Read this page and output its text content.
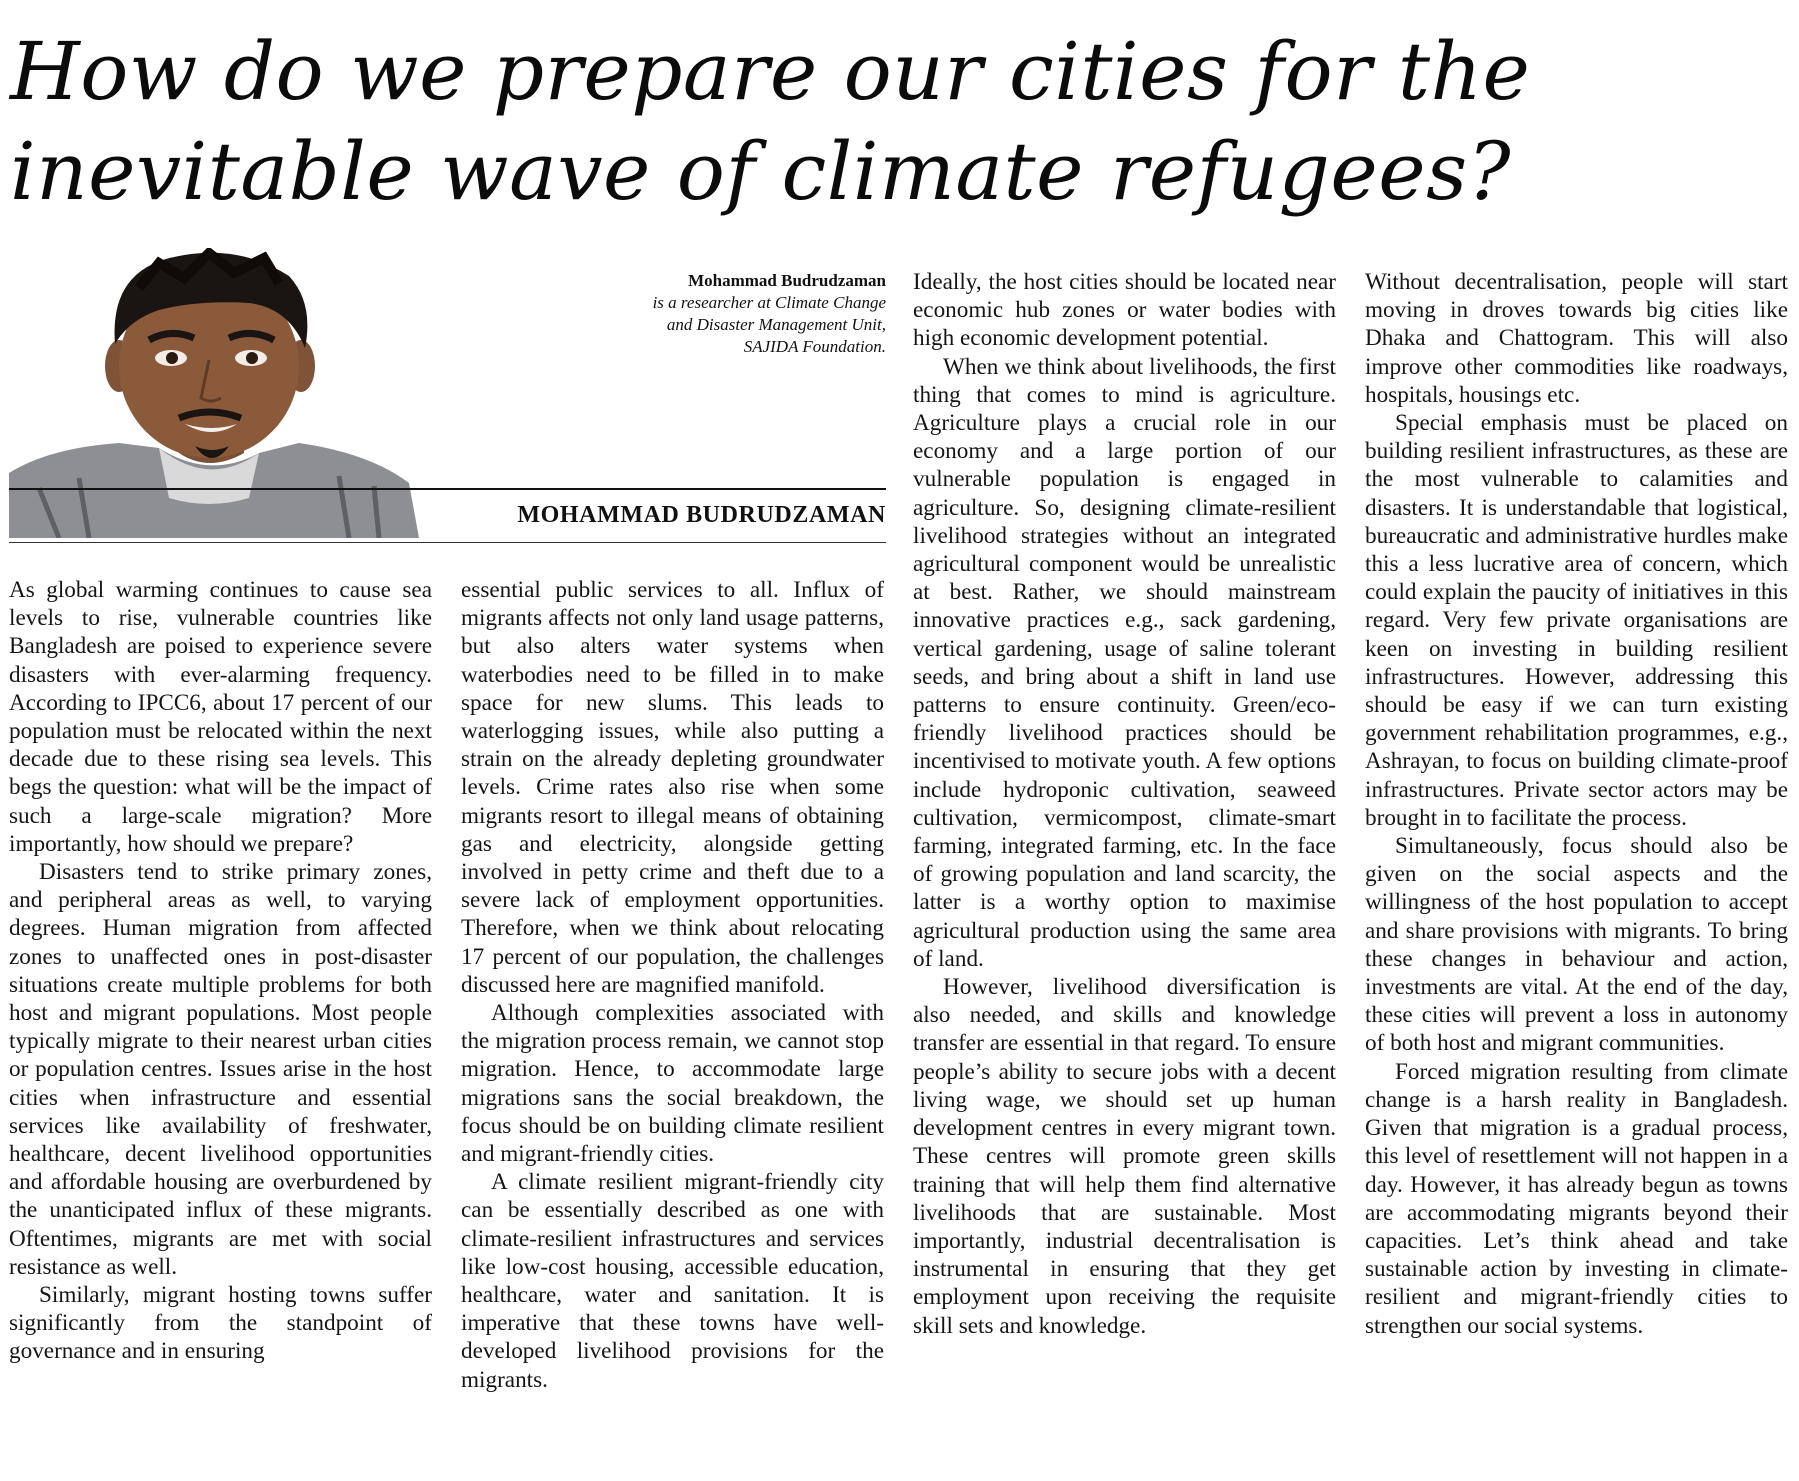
How do we prepare our cities for the inevitable wave of climate refugees?
Mohammad Budrudzaman
is a researcher at Climate Change
and Disaster Management Unit,
SAJIDA Foundation.
MOHAMMAD BUDRUDZAMAN

As global warming continues to cause sea levels to rise, vulnerable countries like Bangladesh are poised to experience severe disasters with ever-alarming frequency. According to IPCC6, about 17 percent of our population must be relocated within the next decade due to these rising sea levels. This begs the question: what will be the impact of such a large-scale migration? More importantly, how should we prepare?

Disasters tend to strike primary zones, and peripheral areas as well, to varying degrees. Human migration from affected zones to unaffected ones in post-disaster situations create multiple problems for both host and migrant populations. Most people typically migrate to their nearest urban cities or population centres. Issues arise in the host cities when infrastructure and essential services like availability of freshwater, healthcare, decent livelihood opportunities and affordable housing are overburdened by the unanticipated influx of these migrants. Oftentimes, migrants are met with social resistance as well.

Similarly, migrant hosting towns suffer significantly from the standpoint of governance and in ensuring

essential public services to all. Influx of migrants affects not only land usage patterns, but also alters water systems when waterbodies need to be filled in to make space for new slums. This leads to waterlogging issues, while also putting a strain on the already depleting groundwater levels. Crime rates also rise when some migrants resort to illegal means of obtaining gas and electricity, alongside getting involved in petty crime and theft due to a severe lack of employment opportunities. Therefore, when we think about relocating 17 percent of our population, the challenges discussed here are magnified manifold.

Although complexities associated with the migration process remain, we cannot stop migration. Hence, to accommodate large migrations sans the social breakdown, the focus should be on building climate resilient and migrant-friendly cities.

A climate resilient migrant-friendly city can be essentially described as one with climate-resilient infrastructures and services like low-cost housing, accessible education, healthcare, water and sanitation. It is imperative that these towns have well-developed livelihood provisions for the migrants.

Ideally, the host cities should be located near economic hub zones or water bodies with high economic development potential.

When we think about livelihoods, the first thing that comes to mind is agriculture. Agriculture plays a crucial role in our economy and a large portion of our vulnerable population is engaged in agriculture. So, designing climate-resilient livelihood strategies without an integrated agricultural component would be unrealistic at best. Rather, we should mainstream innovative practices e.g., sack gardening, vertical gardening, usage of saline tolerant seeds, and bring about a shift in land use patterns to ensure continuity. Green/eco-friendly livelihood practices should be incentivised to motivate youth. A few options include hydroponic cultivation, seaweed cultivation, vermicompost, climate-smart farming, integrated farming, etc. In the face of growing population and land scarcity, the latter is a worthy option to maximise agricultural production using the same area of land.

However, livelihood diversification is also needed, and skills and knowledge transfer are essential in that regard. To ensure people’s ability to secure jobs with a decent living wage, we should set up human development centres in every migrant town. These centres will promote green skills training that will help them find alternative livelihoods that are sustainable. Most importantly, industrial decentralisation is instrumental in ensuring that they get employment upon receiving the requisite skill sets and knowledge.

Without decentralisation, people will start moving in droves towards big cities like Dhaka and Chattogram. This will also improve other commodities like roadways, hospitals, housings etc.

Special emphasis must be placed on building resilient infrastructures, as these are the most vulnerable to calamities and disasters. It is understandable that logistical, bureaucratic and administrative hurdles make this a less lucrative area of concern, which could explain the paucity of initiatives in this regard. Very few private organisations are keen on investing in building resilient infrastructures. However, addressing this should be easy if we can turn existing government rehabilitation programmes, e.g., Ashrayan, to focus on building climate-proof infrastructures. Private sector actors may be brought in to facilitate the process.

Simultaneously, focus should also be given on the social aspects and the willingness of the host population to accept and share provisions with migrants. To bring these changes in behaviour and action, investments are vital. At the end of the day, these cities will prevent a loss in autonomy of both host and migrant communities.

Forced migration resulting from climate change is a harsh reality in Bangladesh. Given that migration is a gradual process, this level of resettlement will not happen in a day. However, it has already begun as towns are accommodating migrants beyond their capacities. Let’s think ahead and take sustainable action by investing in climate-resilient and migrant-friendly cities to strengthen our social systems.
